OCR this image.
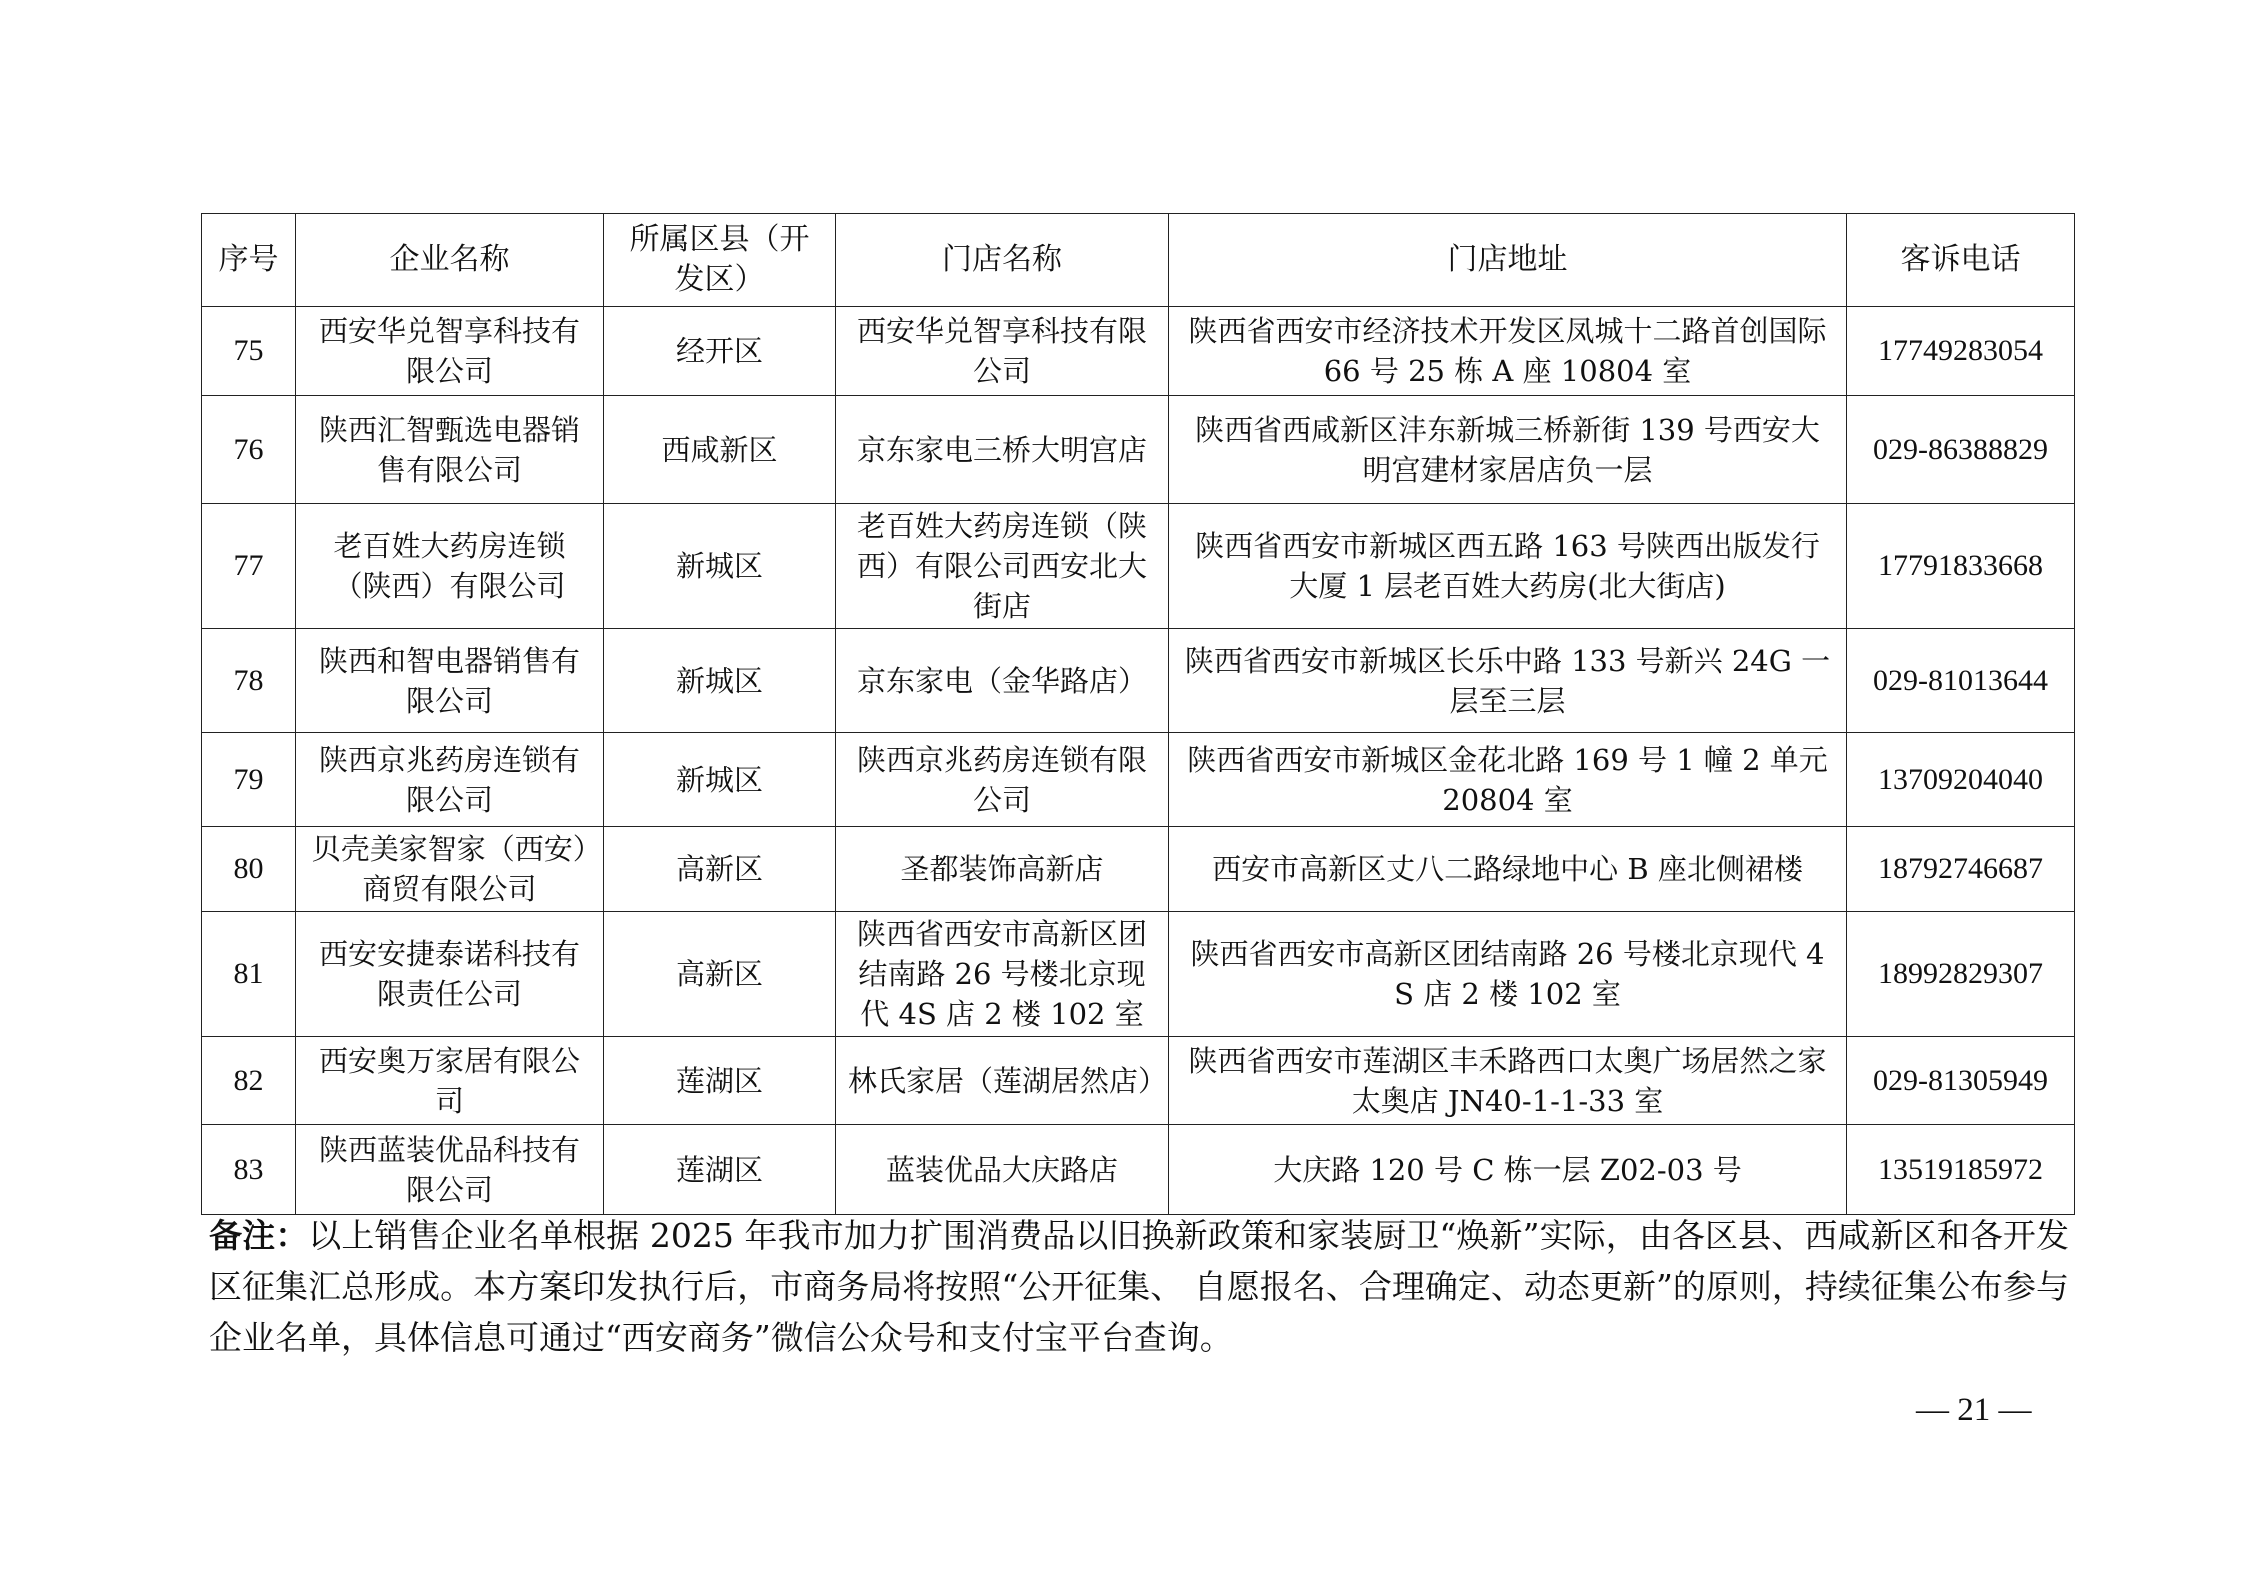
序号	企业名称	所属区县（开发区）	门店名称	门店地址	客诉电话
75	西安华兑智享科技有限公司	经开区	西安华兑智享科技有限公司	陕西省西安市经济技术开发区凤城十二路首创国际 66 号 25 栋 A 座 10804 室	17749283054
76	陕西汇智甄选电器销售有限公司	西咸新区	京东家电三桥大明宫店	陕西省西咸新区沣东新城三桥新街 139 号西安大明宫建材家居店负一层	029-86388829
77	老百姓大药房连锁（陕西）有限公司	新城区	老百姓大药房连锁（陕西）有限公司西安北大街店	陕西省西安市新城区西五路 163 号陕西出版发行大厦 1 层老百姓大药房(北大街店)	17791833668
78	陕西和智电器销售有限公司	新城区	京东家电（金华路店）	陕西省西安市新城区长乐中路 133 号新兴 24G 一层至三层	029-81013644
79	陕西京兆药房连锁有限公司	新城区	陕西京兆药房连锁有限公司	陕西省西安市新城区金花北路 169 号 1 幢 2 单元 20804 室	13709204040
80	贝壳美家智家（西安）商贸有限公司	高新区	圣都装饰高新店	西安市高新区丈八二路绿地中心 B 座北侧裙楼	18792746687
81	西安安捷泰诺科技有限责任公司	高新区	陕西省西安市高新区团结南路 26 号楼北京现代 4S 店 2 楼 102 室	陕西省西安市高新区团结南路 26 号楼北京现代 4S 店 2 楼 102 室	18992829307
82	西安奥万家居有限公司	莲湖区	林氏家居（莲湖居然店）	陕西省西安市莲湖区丰禾路西口太奥广场居然之家太奥店 JN40-1-1-33 室	029-81305949
83	陕西蓝装优品科技有限公司	莲湖区	蓝装优品大庆路店	大庆路 120 号 C 栋一层 Z02-03 号	13519185972
备注：以上销售企业名单根据 2025 年我市加力扩围消费品以旧换新政策和家装厨卫“焕新”实际，由各区县、西咸新区和各开发区征集汇总形成。本方案印发执行后，市商务局将按照“公开征集、 自愿报名、合理确定、动态更新”的原则，持续征集公布参与企业名单，具体信息可通过“西安商务”微信公众号和支付宝平台查询。
— 21 —
